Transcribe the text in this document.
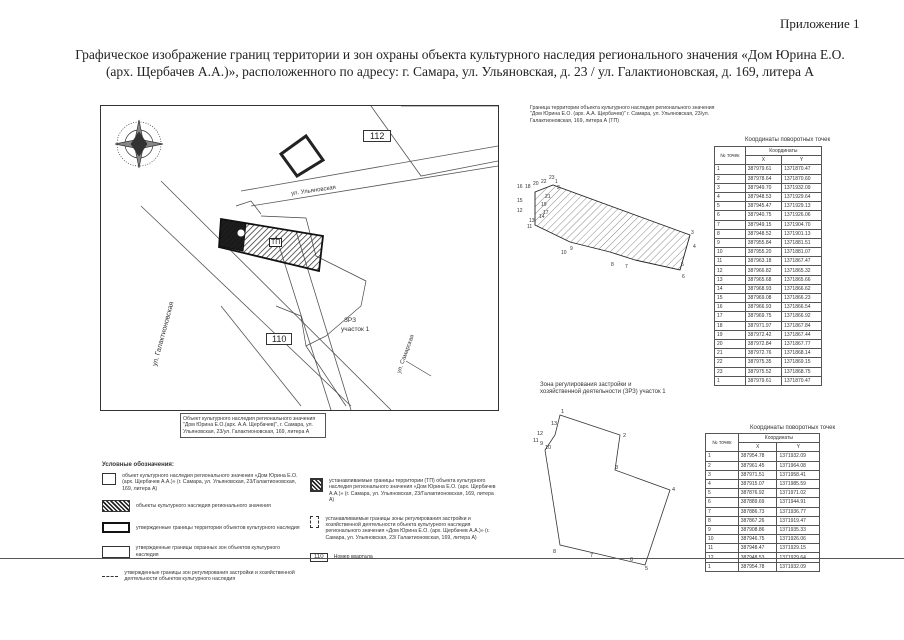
Приложение 1
Графическое изображение границ территории и зон охраны объекта культурного наследия регионального значения «Дом Юрина Е.О.
(арх. Щербачев А.А.)», расположенного по адресу: г. Самара, ул. Ульяновская, д. 23 / ул. Галактионовская, д. 169, литера А
112
110
ТП
ул. Ульяновская
ул. Галактионовская	ул. Самарская
ЗРЗ
участок 1
Объект культурного наследия регионального значения "Дом Юрина Е.О.(арх. А.А. Щербачев)", г. Самара, ул. Ульяновская, 23/ул. Галактионовская, 169, литера А
Граница территории объекта культурного наследия регионального значения "Дом Юрина Е.О. (арх. А.А. Щербачев)" г. Самара, ул. Ульяновская, 23/ул. Галактионовская, 169, литера А (ТП)
1
2
3
4
5
6
7
8
9
10
11
12
13
14
15
16
17
18
19
20
21
22
23
Координаты поворотных точек
№ точек	Координаты	
	X	Y
1	387979.61	1371870.47
2	387978.64	1371870.60
3	387949.70	1371932.09
4	387948.53	1371929.64
5	387945.47	1371929.13
6	387940.75	1371926.06
7	387949.15	1371904.70
8	387948.52	1371901.13
9	387955.84	1371881.51
10	387955.20	1371881.07
11	387963.18	1371867.47
12	387966.82	1371865.32
13	387965.68	1371865.66
14	387968.93	1371866.62
15	387969.08	1371866.23
16	387966.93	1371866.54
17	387969.75	1371866.92
18	387971.97	1371867.84
19	387972.42	1371867.44
20	387972.84	1371867.77
21	387972.76	1371868.14
22	387975.35	1371869.15
23	387975.52	1371868.75
1	387979.61	1371870.47
Зона регулирования застройки и
хозяйственной деятельности (ЗРЗ) участок 1
1
2
3
4
5
6
7
8
9
10
11
12
13
Координаты поворотных точек
№ точек	Координаты	
	X	Y
1	387954.78	1371932.09
2	387961.45	1371964.08
3	387971.51	1371958.41
4	387915.07	1371985.59
5	387876.92	1371971.02
6	387889.69	1371944.91
7	387886.73	1371936.77
8	387867.26	1371919.47
9	387908.86	1371935.33
10	387946.75	1371926.06
11	387948.47	1371929.15
12	387948.53	1371929.64
1	387954.78	1371932.09
Условные обозначения:
объект культурного наследия регионального значения «Дом Юрина Е.О. (арх. Щербачев А.А.)» (г. Самара, ул. Ульяновская, 23/Галактионовская, 169, литера А)
объекты культурного наследия регионального значения
утвержденные границы территории объектов культурного наследия
утвержденные границы охранных зон объектов культурного наследия
утвержденные границы зон регулирования застройки и хозяйственной деятельности объектов культурного наследия
устанавливаемые границы территории (ТП) объекта культурного наследия регионального значения «Дом Юрина Е.О. (арх. Щербачев А.А.)» (г. Самара, ул. Ульяновская, 23/Галактионовская, 169, литера А)
устанавливаемые границы зоны регулирования застройки и хозяйственной деятельности объекта культурного наследия регионального значения «Дом Юрина Е.О. (арх. Щербачев А.А.)» (г. Самара, ул. Ульяновская, 23/ Галактионовская, 169, литера А)
110	Номер квартала
